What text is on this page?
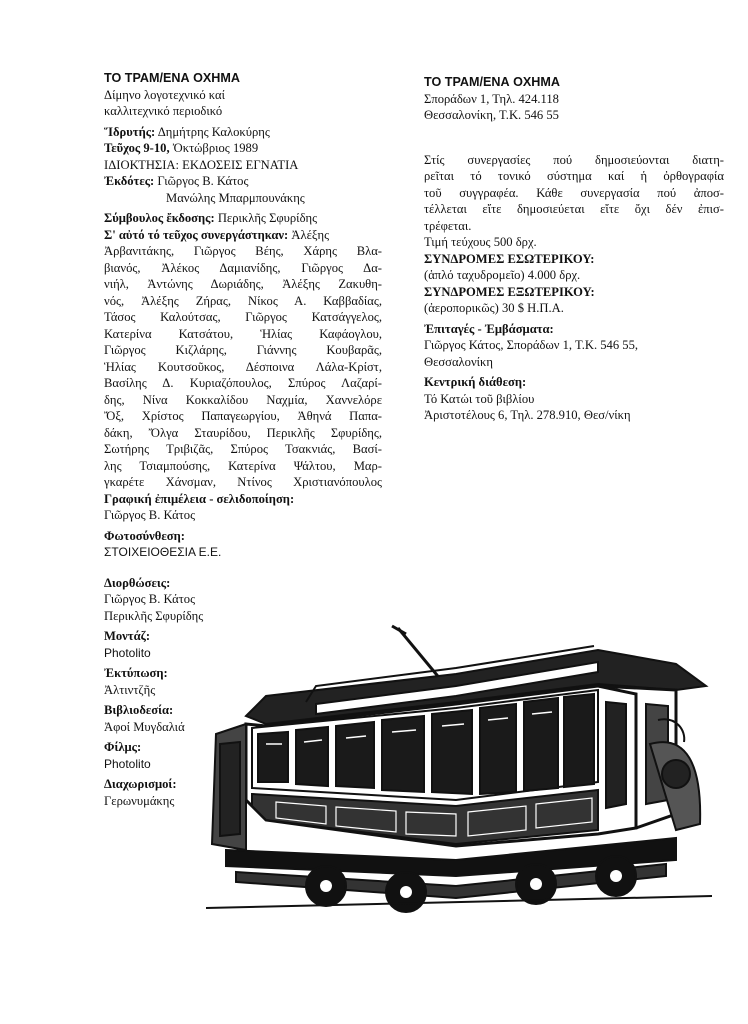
ΤΟ ΤΡΑΜ/ΕΝΑ ΟΧΗΜΑ
Δίμηνο λογοτεχνικό καί
καλλιτεχνικό περιοδικό
Ἵδρυτής: Δημήτρης Καλοκύρης
Τεῦχος 9-10, Ὀκτώβριος 1989
ΙΔΙΟΚΤΗΣΙΑ: ΕΚΔΟΣΕΙΣ ΕΓΝΑΤΙΑ
Ἐκδότες: Γιῶργος Β. Κάτος
Μανώλης Μπαρμπουνάκης
Σύμβουλος ἔκδοσης: Περικλῆς Σφυρίδης
Σ' αὐτό τό τεῦχος συνεργάστηκαν: Ἀλέξης
Ἀρβανιτάκης, Γιῶργος Βέης, Χάρης Βλα-
βιανός, Ἀλέκος Δαμιανίδης, Γιῶργος Δα-
νιήλ, Ἀντώνης Δωριάδης, Ἀλέξης Ζακυθη-
νός, Ἀλέξης Ζήρας, Νίκος Α. Καββαδίας,
Τάσος Καλούτσας, Γιῶργος Κατσάγγελος,
Κατερίνα Κατσάτου, Ἡλίας Καφάογλου,
Γιῶργος Κιζλάρης, Γιάννης Κουβαρᾶς,
Ἡλίας Κουτσοῦκος, Δέσποινα Λάλα-Κρίστ,
Βασίλης Δ. Κυριαζόπουλος, Σπύρος Λαζαρί-
δης, Νίνα Κοκκαλίδου Ναχμία, Χαννελόρε
Ὄξ, Χρίστος Παπαγεωργίου, Ἀθηνά Παπα-
δάκη, Ὄλγα Σταυρίδου, Περικλῆς Σφυρίδης,
Σωτήρης Τριβιζᾶς, Σπύρος Τσακνιάς, Βασί-
λης Τσιαμπούσης, Κατερίνα Ψάλτου, Μαρ-
γκαρέτε Χάνσμαν, Ντίνος Χριστιανόπουλος
Γραφική ἐπιμέλεια - σελιδοποίηση:
Γιῶργος Β. Κάτος
Φωτοσύνθεση:
ΣΤΟΙΧΕΙΟΘΕΣΙΑ Ε.Ε.
Διορθώσεις:
Γιῶργος Β. Κάτος
Περικλῆς Σφυρίδης
Μοντάζ:
Photolito
Ἐκτύπωση:
Ἀλτιντζῆς
Βιβλιοδεσία:
Ἀφοί Μυγδαλιά
Φίλμς:
Photolito
Διαχωρισμοί:
Γερωνυμάκης
ΤΟ ΤΡΑΜ/ΕΝΑ ΟΧΗΜΑ
Σποράδων 1, Τηλ. 424.118
Θεσσαλονίκη, Τ.Κ. 546 55
Στίς συνεργασίες πού δημοσιεύονται διατη-
ρεῖται τό τονικό σύστημα καί ἡ ὀρθογραφία
τοῦ συγγραφέα. Κάθε συνεργασία πού ἀποσ-
τέλλεται εἴτε δημοσιεύεται εἴτε ὄχι δέν ἐπισ-
τρέφεται.
Τιμή τεύχους 500 δρχ.
ΣΥΝΔΡΟΜΕΣ ΕΣΩΤΕΡΙΚΟΥ:
(ἁπλό ταχυδρομεῖο) 4.000 δρχ.
ΣΥΝΔΡΟΜΕΣ ΕΞΩΤΕΡΙΚΟΥ:
(ἀεροπορικῶς) 30 $ Η.Π.Α.
Ἐπιταγές - Ἐμβάσματα:
Γιῶργος Κάτος, Σποράδων 1, Τ.Κ. 546 55,
Θεσσαλονίκη
Κεντρική διάθεση:
Τό Κατώι τοῦ βιβλίου
Ἀριστοτέλους 6, Τηλ. 278.910, Θεσ/νίκη
